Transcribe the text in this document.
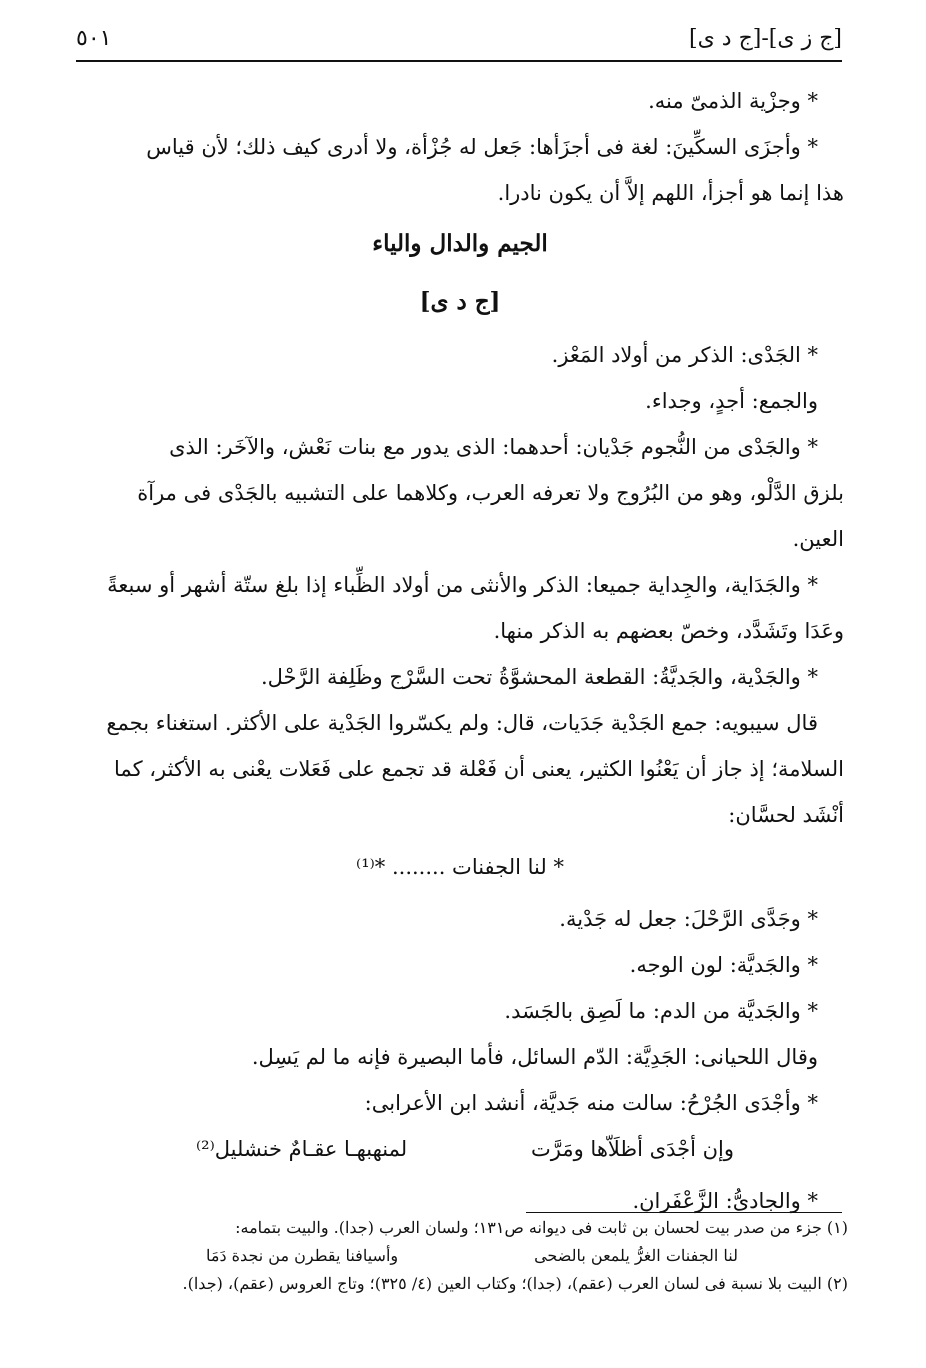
[ج ز ى]-[ج د ى]
٥٠١

* وجزْية الذمىّ منه.

* وأجزَى السكِّينَ: لغة فى أجزَأها: جَعل له جُزْأة، ولا أدرى كيف ذلك؛ لأن قياس

هذا إنما هو أجزأ، اللهم إلاَّ أن يكون نادرا.

الجيم والدال والياء

[ج د ى]

* الجَدْى: الذكر من أولاد المَعْز.

والجمع: أجدٍ، وجداء.

* والجَدْى من النُّجوم جَدْيان: أحدهما: الذى يدور مع بنات نَعْش، والآخَر: الذى

بلزق الدَّلْو، وهو من البُرُوج ولا تعرفه العرب، وكلاهما على التشبيه بالجَدْى فى مرآة

العين.

* والجَدَاية، والجِداية جميعا: الذكر والأنثى من أولاد الظِّباء إذا بلغ ستّة أشهر أو سبعةً

وعَدَا وتَشَدَّد، وخصّ بعضهم به الذكر منها.

* والجَدْية، والجَديَّةُ: القطعة المحشوَّةُ تحت السَّرْج وظَلِفة الرَّحْل.

قال سيبويه: جمع الجَدْية جَدَيات، قال: ولم يكسّروا الجَدْية على الأكثر. استغناء بجمع

السلامة؛ إذ جاز أن يَعْنُوا الكثير، يعنى أن فَعْلة قد تجمع على فَعَلات يعْنى به الأكثر، كما

أنْشَد لحسَّان:

* لنا الجفنات ........ *⁽¹⁾

* وجَدَّى الرَّحْلَ: جعل له جَدْية.

* والجَديَّة: لون الوجه.

* والجَديَّة من الدم: ما لَصِق بالجَسَد.

وقال اللحيانى: الجَدِيَّة: الدّم السائل، فأما البصيرة فإنه ما لم يَسِل.

* وأجْدَى الجُرْحُ: سالت منه جَديَّة، أنشد ابن الأعرابى:

وإن أجْدَى أظلَاّها ومَرَّت
لمنهبهـا عقـامٌ خنشليل⁽²⁾

* والجادىُّ: الزَّعْفَران.

(١) جزء من صدر بيت لحسان بن ثابت فى ديوانه ص١٣١؛ ولسان العرب (جدا). والبيت بتمامه:

لنا الجفنات الغرُّ يلمعن بالضحى
وأسيافنا يقطرن من نجدة دَمَا

(٢) البيت بلا نسبة فى لسان العرب (عقم)، (جدا)؛ وكتاب العين (٤/ ٣٢٥)؛ وتاج العروس (عقم)، (جدا).
